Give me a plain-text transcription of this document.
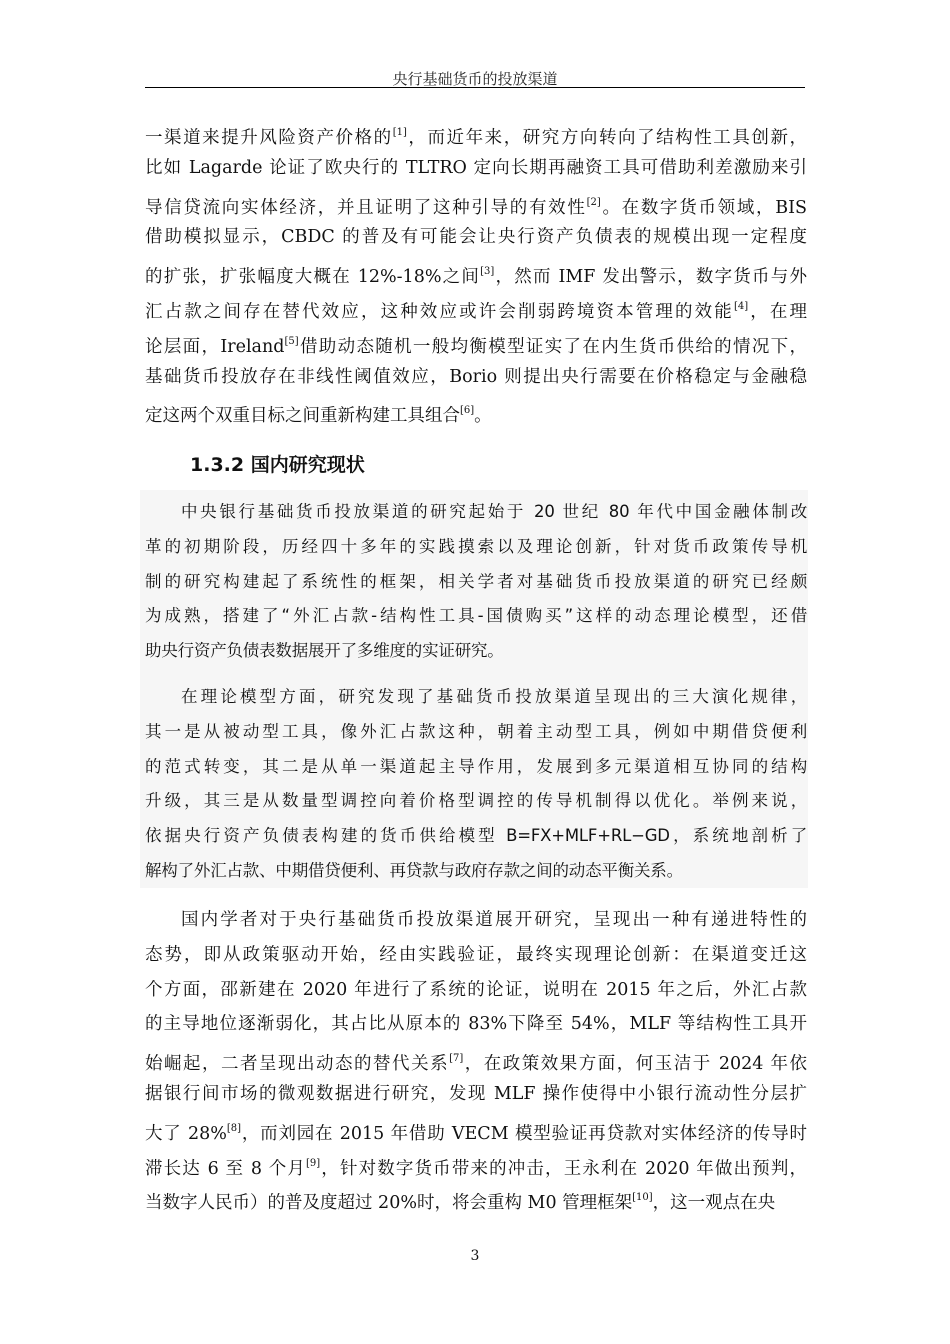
央行基础货币的投放渠道
一渠道来提升风险资产价格的[1]，而近年来，研究方向转向了结构性工具创新，
比如 Lagarde 论证了欧央行的 TLTRO 定向长期再融资工具可借助利差激励来引
导信贷流向实体经济，并且证明了这种引导的有效性[2]。在数字货币领域，BIS
借助模拟显示，CBDC 的普及有可能会让央行资产负债表的规模出现一定程度
的扩张，扩张幅度大概在 12%-18%之间[3]，然而 IMF 发出警示，数字货币与外
汇占款之间存在替代效应，这种效应或许会削弱跨境资本管理的效能[4]，在理
论层面，Ireland[5]借助动态随机一般均衡模型证实了在内生货币供给的情况下，
基础货币投放存在非线性阈值效应，Borio 则提出央行需要在价格稳定与金融稳
定这两个双重目标之间重新构建工具组合[6]。
1.3.2 国内研究现状
中央银行基础货币投放渠道的研究起始于 20 世纪 80 年代中国金融体制改
革的初期阶段，历经四十多年的实践摸索以及理论创新，针对货币政策传导机
制的研究构建起了系统性的框架，相关学者对基础货币投放渠道的研究已经颇
为成熟，搭建了“外汇占款-结构性工具-国债购买”这样的动态理论模型，还借
助央行资产负债表数据展开了多维度的实证研究。
在理论模型方面，研究发现了基础货币投放渠道呈现出的三大演化规律，
其一是从被动型工具，像外汇占款这种，朝着主动型工具，例如中期借贷便利
的范式转变，其二是从单一渠道起主导作用，发展到多元渠道相互协同的结构
升级，其三是从数量型调控向着价格型调控的传导机制得以优化。举例来说，
依据央行资产负债表构建的货币供给模型 B=FX+MLF+RL−GD，系统地剖析了
解构了外汇占款、中期借贷便利、再贷款与政府存款之间的动态平衡关系。
国内学者对于央行基础货币投放渠道展开研究，呈现出一种有递进特性的
态势，即从政策驱动开始，经由实践验证，最终实现理论创新：在渠道变迁这
个方面，邵新建在 2020 年进行了系统的论证，说明在 2015 年之后，外汇占款
的主导地位逐渐弱化，其占比从原本的 83%下降至 54%，MLF 等结构性工具开
始崛起，二者呈现出动态的替代关系[7]，在政策效果方面，何玉洁于 2024 年依
据银行间市场的微观数据进行研究，发现 MLF 操作使得中小银行流动性分层扩
大了 28%[8]，而刘园在 2015 年借助 VECM 模型验证再贷款对实体经济的传导时
滞长达 6 至 8 个月[9]，针对数字货币带来的冲击，王永利在 2020 年做出预判，
当数字人民币）的普及度超过 20%时，将会重构 M0 管理框架[10]，这一观点在央
3
